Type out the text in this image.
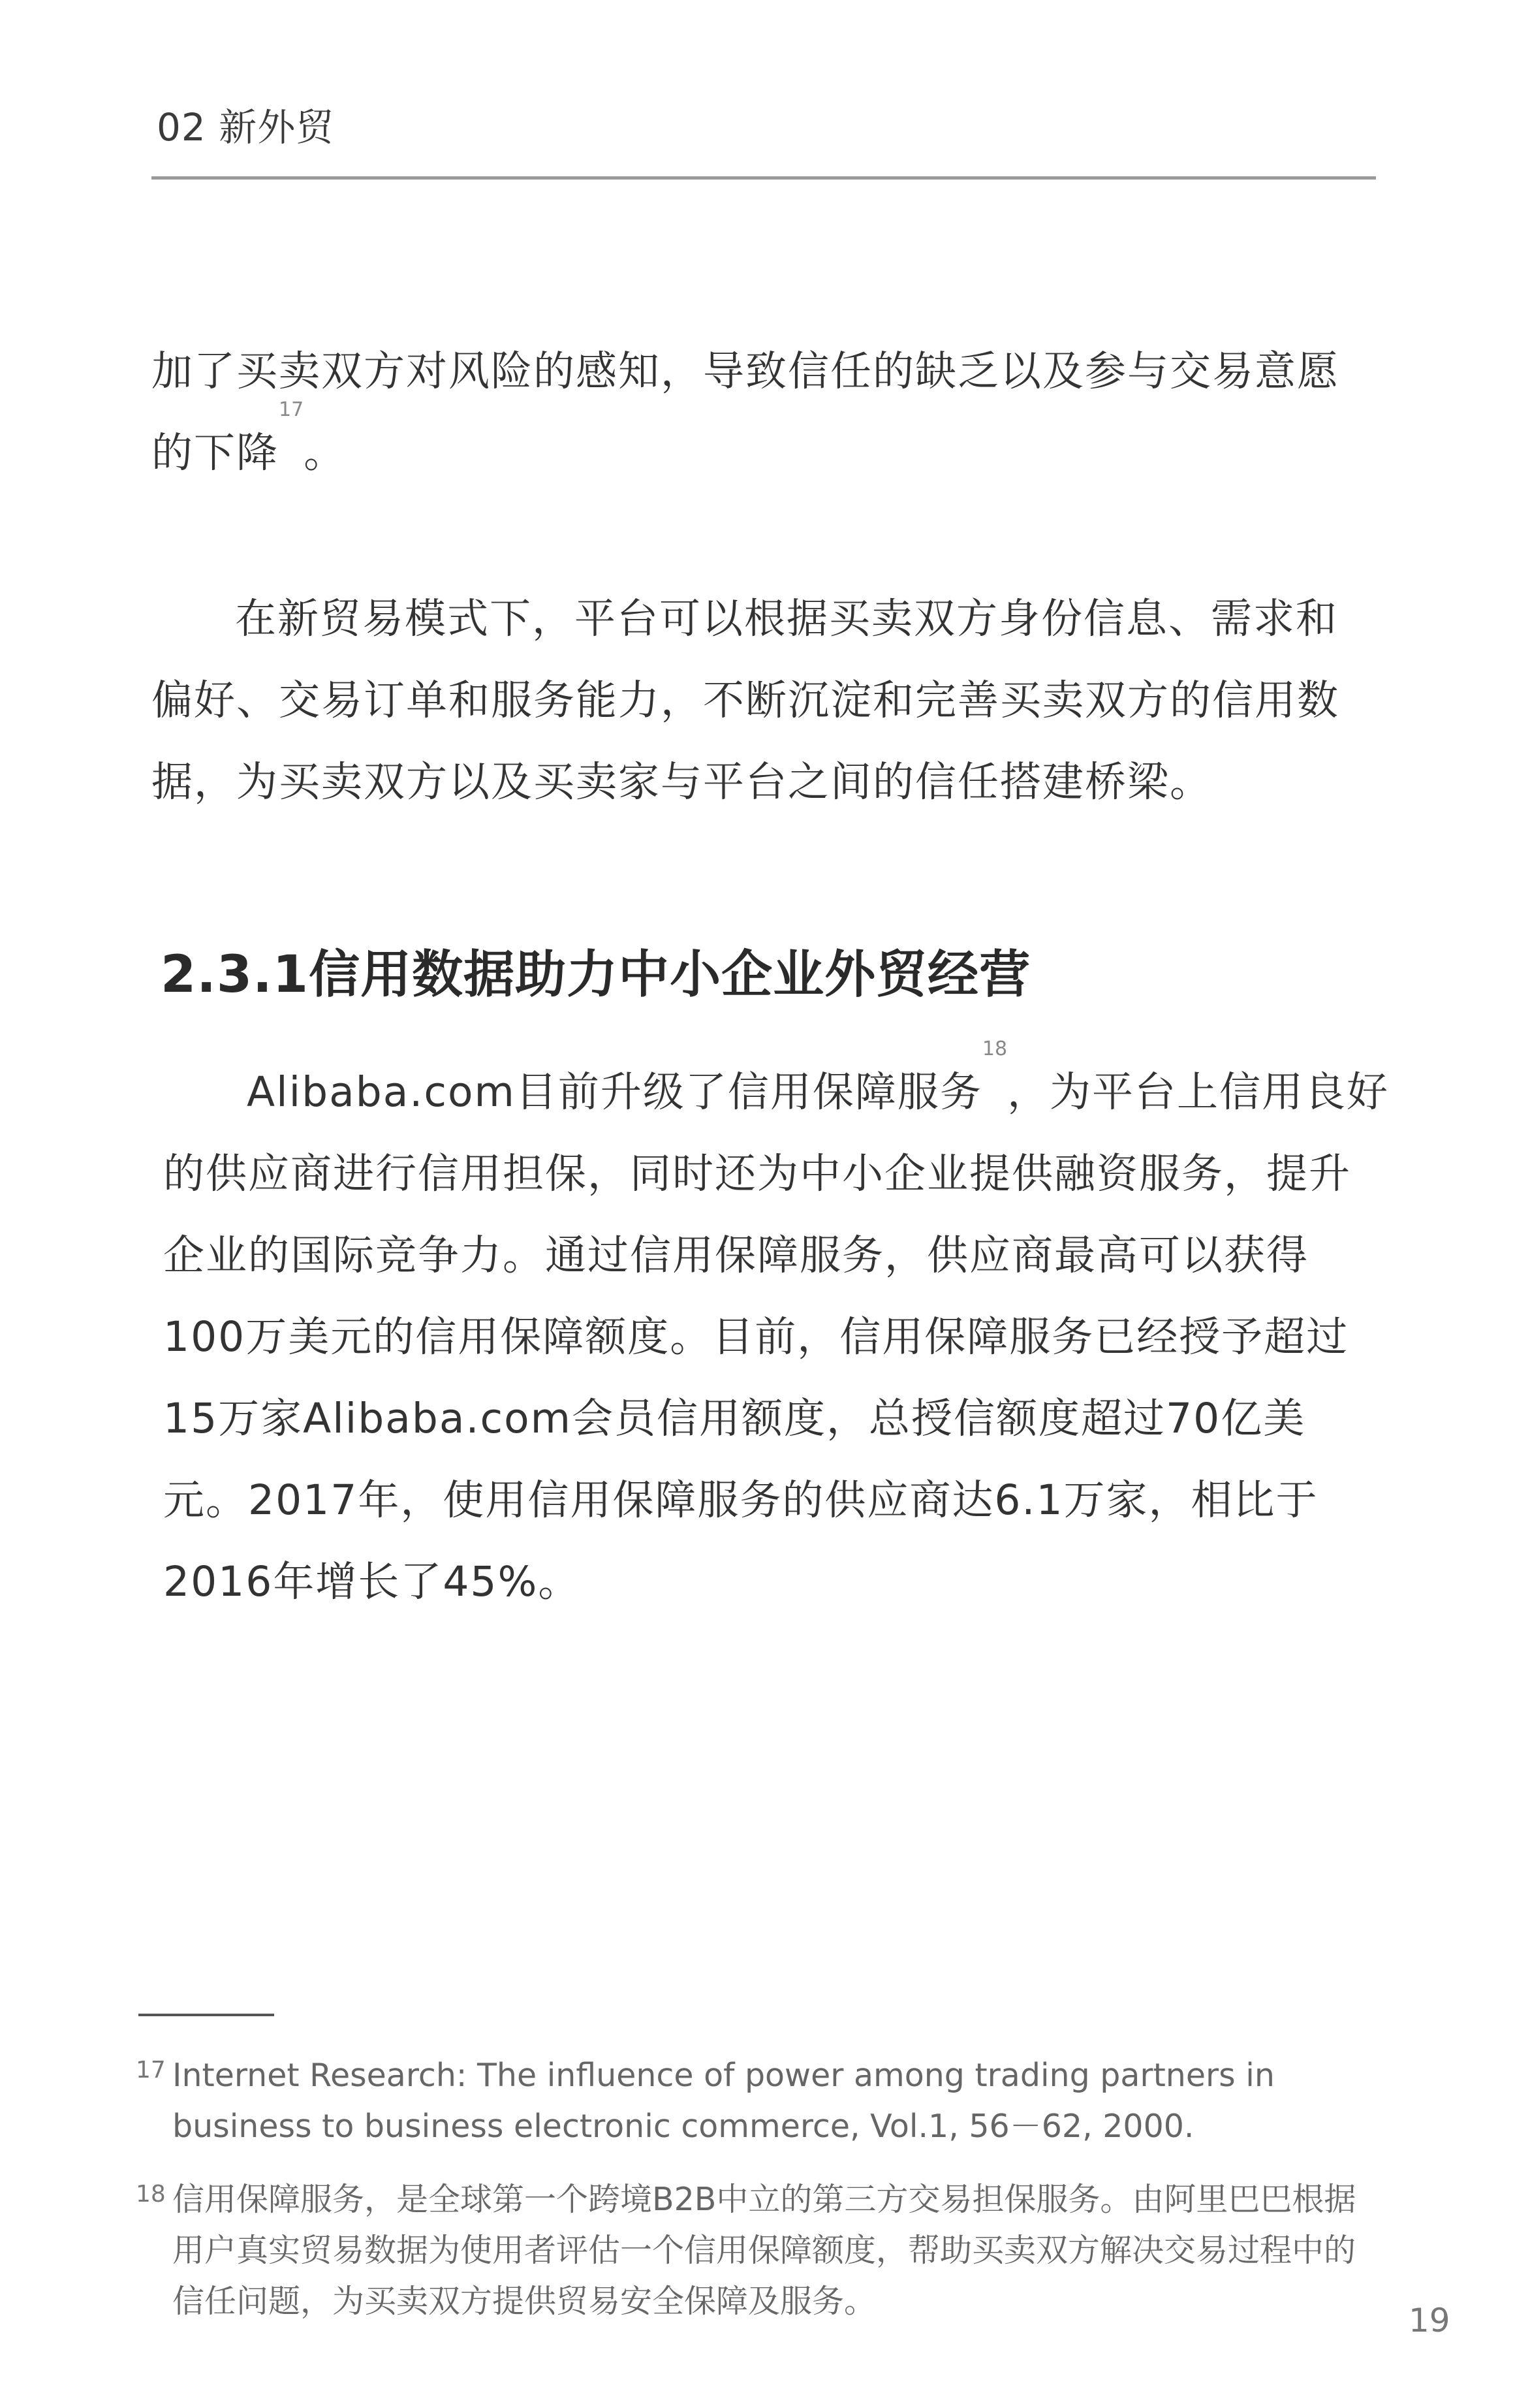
02 新外贸

加了买卖双方对风险的感知，导致信任的缺乏以及参与交易意愿的下降$^{17}$。

在新贸易模式下，平台可以根据买卖双方身份信息、需求和偏好、交易订单和服务能力，不断沉淀和完善买卖双方的信用数据，为买卖双方以及买卖家与平台之间的信任搭建桥梁。

2.3.1信用数据助力中小企业外贸经营

Alibaba.com目前升级了信用保障服务$^{18}$，为平台上信用良好的供应商进行信用担保，同时还为中小企业提供融资服务，提升企业的国际竞争力。通过信用保障服务，供应商最高可以获得100万美元的信用保障额度。目前，信用保障服务已经授予超过15万家Alibaba.com会员信用额度，总授信额度超过70亿美元。2017年，使用信用保障服务的供应商达6.1万家，相比于2016年增长了45%。

17 Internet Research: The influence of power among trading partners in business to business electronic commerce, Vol.1, 56－62, 2000.
18 信用保障服务，是全球第一个跨境B2B中立的第三方交易担保服务。由阿里巴巴根据用户真实贸易数据为使用者评估一个信用保障额度，帮助买卖双方解决交易过程中的信任问题，为买卖双方提供贸易安全保障及服务。

19
